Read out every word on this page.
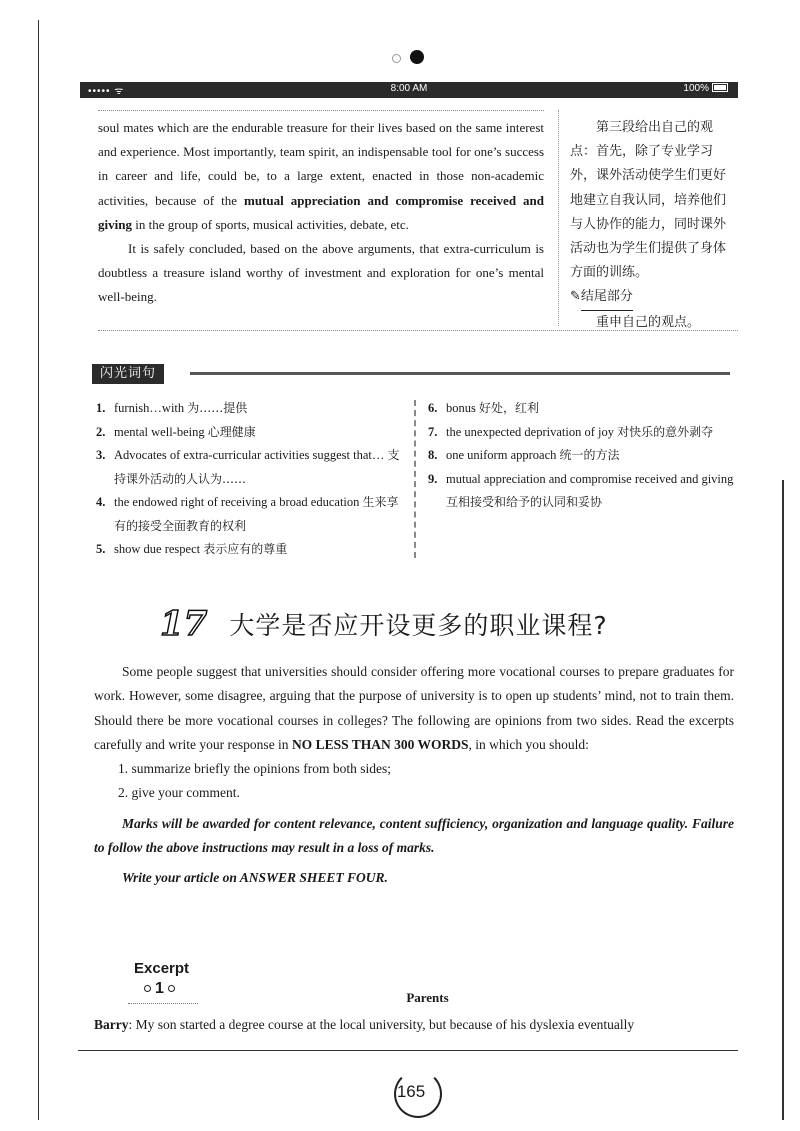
••••• ᯤ	8:00 AM	100%

soul mates which are the endurable treasure for their lives based on the same interest and experience. Most importantly, team spirit, an indispensable tool for one’s success in career and life, could be, to a large extent, enacted in those non-academic activities, because of the mutual appreciation and compromise received and giving in the group of sports, musical activities, debate, etc.

It is safely concluded, based on the above arguments, that extra-curriculum is doubtless a treasure island worthy of investment and exploration for one’s mental well-being.

第三段给出自己的观点：首先，除了专业学习外，课外活动使学生们更好地建立自我认同，培养他们与人协作的能力，同时课外活动也为学生们提供了身体方面的训练。

✎结尾部分

重申自己的观点。

闪光词句
1. furnish…with 为……提供
2. mental well-being 心理健康
3. Advocates of extra-curricular activities suggest that… 支持课外活动的人认为……
4. the endowed right of receiving a broad education 生来享有的接受全面教育的权利
5. show due respect 表示应有的尊重
6. bonus 好处，红利
7. the unexpected deprivation of joy 对快乐的意外剥夺
8. one uniform approach 统一的方法
9. mutual appreciation and compromise received and giving 互相接受和给予的认同和妥协
17 大学是否应开设更多的职业课程?

Some people suggest that universities should consider offering more vocational courses to prepare graduates for work. However, some disagree, arguing that the purpose of university is to open up students’ mind, not to train them. Should there be more vocational courses in colleges? The following are opinions from two sides. Read the excerpts carefully and write your response in NO LESS THAN 300 WORDS, in which you should:

1. summarize briefly the opinions from both sides;

2. give your comment.

Marks will be awarded for content relevance, content sufficiency, organization and language quality. Failure to follow the above instructions may result in a loss of marks.

Write your article on ANSWER SHEET FOUR.

Excerpt
1
Parents
Barry: My son started a degree course at the local university, but because of his dyslexia eventually
165
